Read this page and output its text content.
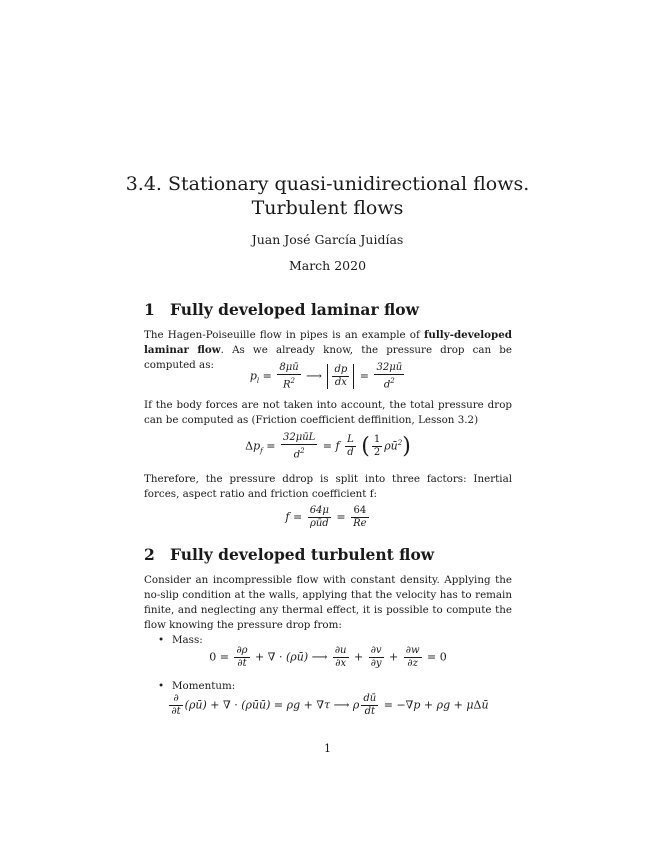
3.4. Stationary quasi-unidirectional flows.
Turbulent flows
Juan José García Juidías
March 2020
1 Fully developed laminar flow
The Hagen-Poiseuille flow in pipes is an example of fully-developed laminar flow. As we already know, the pressure drop can be computed as:
$p_l = \frac{8\mu ū}{R^2}$ ⟶ $\frac{dp}{dx} = \frac{32\mu ū}{d^2}$
If the body forces are not taken into account, the total pressure drop can be computed as (Friction coefficient deffinition, Lesson 3.2)
$\Delta p_f = \frac{\text{32μūL}}{d^2} = f \frac{L}{d}$ ( $\frac{1}{2}$ $\rho ū^2$)
Therefore, the pressure ddrop is split into three factors: Inertial forces, aspect ratio and friction coefficient f:
$f = \frac{64\mu}{\text{ρūd}} = \frac{64}{Re}$
2 Fully developed turbulent flow
Consider an incompressible flow with constant density. Applying the no-slip condition at the walls, applying that the velocity has to remain finite, and neglecting any thermal effect, it is possible to compute the flow knowing the pressure drop from:
• Mass:
$0 = \frac{\partial\rho}{\partial t}$ + ∇ · (ρū) ⟶ $\frac{\partial u}{\partial x} + \frac{\partial v}{\partial y} + \frac{\partial w}{\partial z} = 0$
• Momentum:
$\frac{\partial}{\partial t}$ (ρū) + ∇ · (ρūū) = ρg + ∇τ ⟶ ρ $\frac{dū}{dt} = -\nabla p + \rho g$ + μΔū
1
